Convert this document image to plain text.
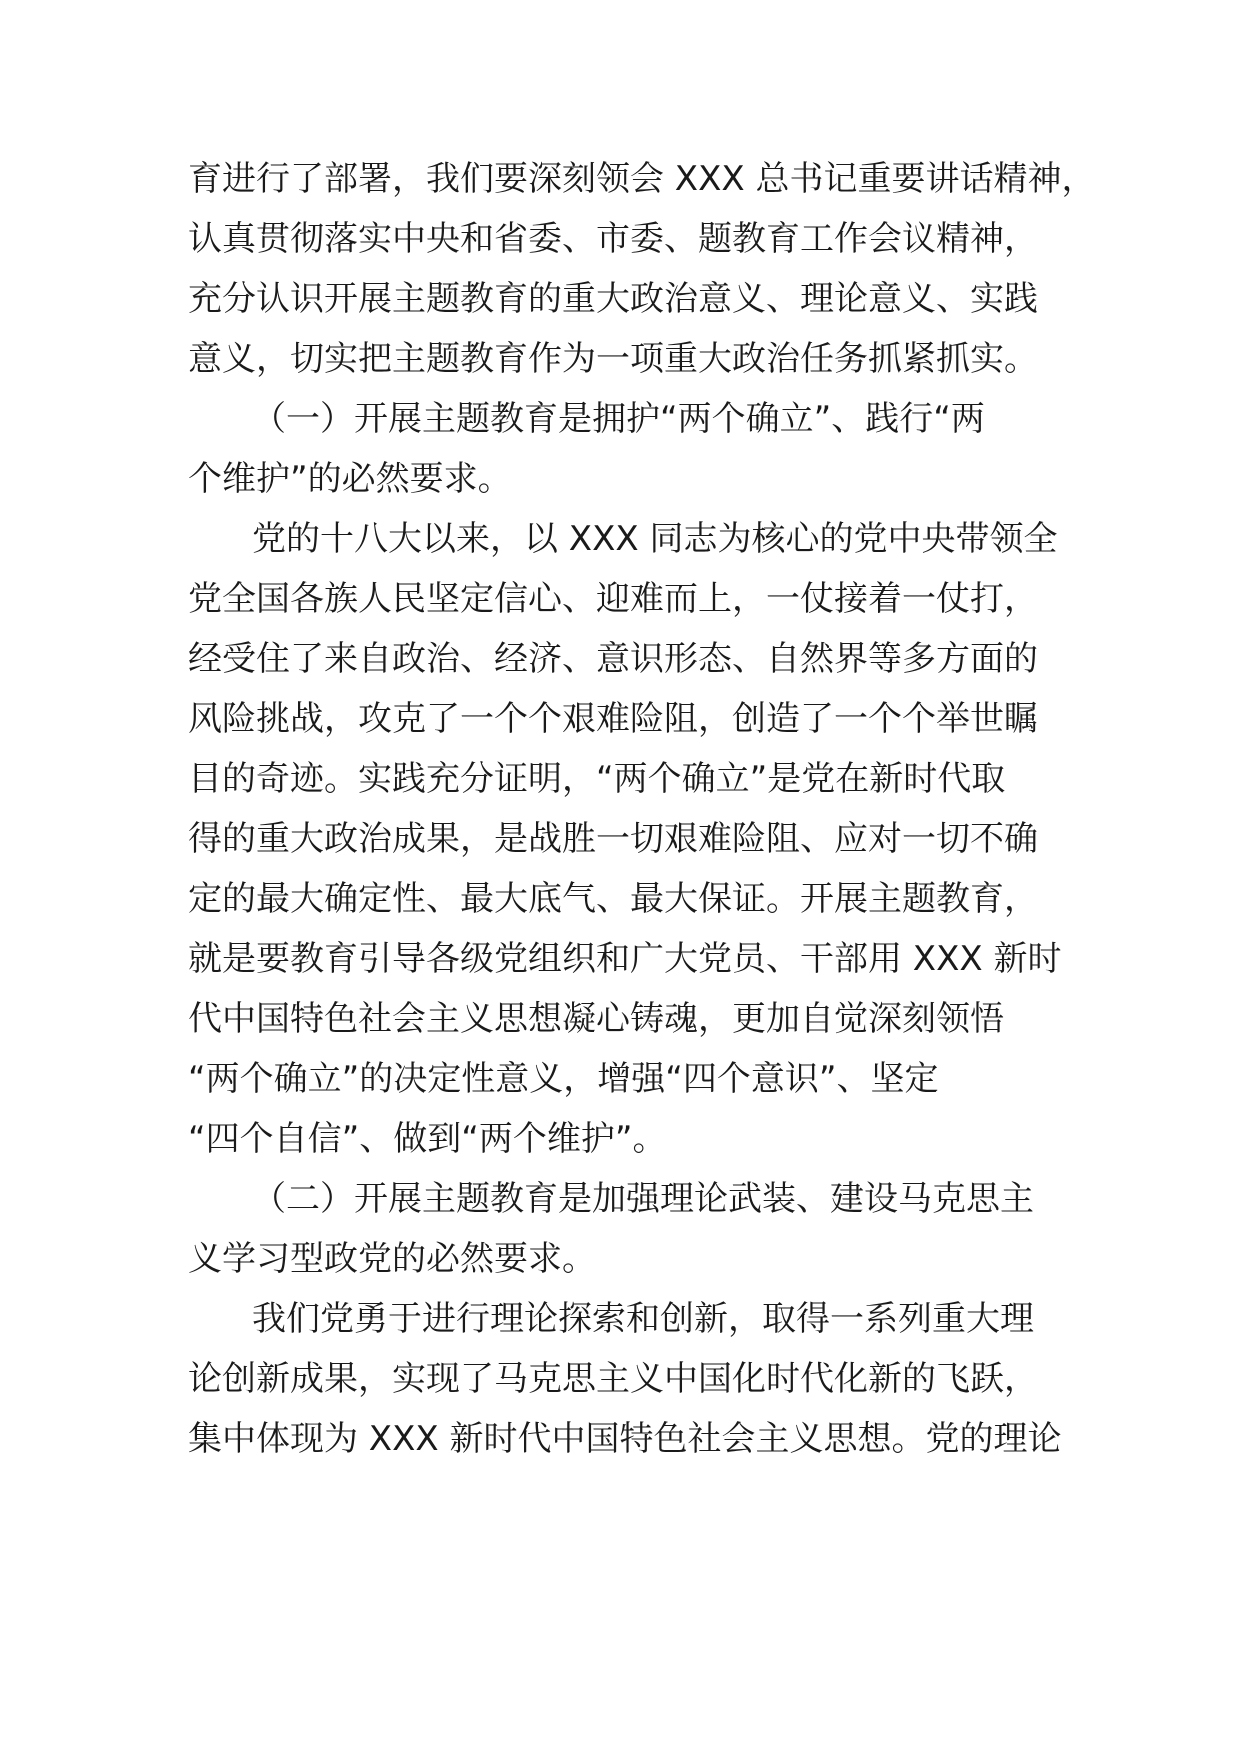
育进行了部署，我们要深刻领会 XXX 总书记重要讲话精神，

认真贯彻落实中央和省委、市委、题教育工作会议精神，

充分认识开展主题教育的重大政治意义、理论意义、实践

意义，切实把主题教育作为一项重大政治任务抓紧抓实。

（一）开展主题教育是拥护“两个确立”、践行“两

个维护”的必然要求。

党的十八大以来，以 XXX 同志为核心的党中央带领全

党全国各族人民坚定信心、迎难而上，一仗接着一仗打，

经受住了来自政治、经济、意识形态、自然界等多方面的

风险挑战，攻克了一个个艰难险阻，创造了一个个举世瞩

目的奇迹。实践充分证明，“两个确立”是党在新时代取

得的重大政治成果，是战胜一切艰难险阻、应对一切不确

定的最大确定性、最大底气、最大保证。开展主题教育，

就是要教育引导各级党组织和广大党员、干部用 XXX 新时

代中国特色社会主义思想凝心铸魂，更加自觉深刻领悟

“两个确立”的决定性意义，增强“四个意识”、坚定

“四个自信”、做到“两个维护”。

（二）开展主题教育是加强理论武装、建设马克思主

义学习型政党的必然要求。

我们党勇于进行理论探索和创新，取得一系列重大理

论创新成果，实现了马克思主义中国化时代化新的飞跃，

集中体现为 XXX 新时代中国特色社会主义思想。党的理论
